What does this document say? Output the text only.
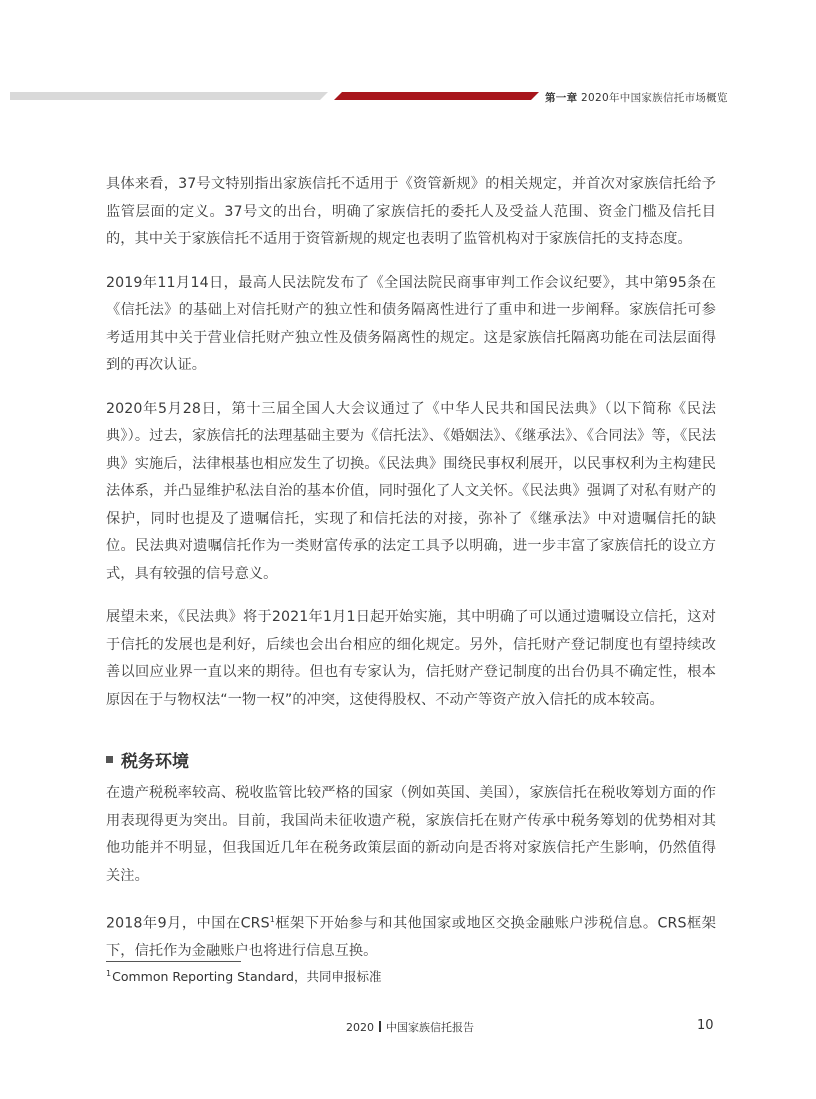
第一章 2020年中国家族信托市场概览

具体来看，37号文特别指出家族信托不适用于《资管新规》的相关规定，并首次对家族信托给予监管层面的定义。37号文的出台，明确了家族信托的委托人及受益人范围、资金门槛及信托目的，其中关于家族信托不适用于资管新规的规定也表明了监管机构对于家族信托的支持态度。

2019年11月14日，最高人民法院发布了《全国法院民商事审判工作会议纪要》，其中第95条在《信托法》的基础上对信托财产的独立性和债务隔离性进行了重申和进一步阐释。家族信托可参考适用其中关于营业信托财产独立性及债务隔离性的规定。这是家族信托隔离功能在司法层面得到的再次认证。

2020年5月28日，第十三届全国人大会议通过了《中华人民共和国民法典》（以下简称《民法典》）。过去，家族信托的法理基础主要为《信托法》、《婚姻法》、《继承法》、《合同法》等，《民法典》实施后，法律根基也相应发生了切换。《民法典》围绕民事权利展开，以民事权利为主构建民法体系，并凸显维护私法自治的基本价值，同时强化了人文关怀。《民法典》强调了对私有财产的保护，同时也提及了遗嘱信托，实现了和信托法的对接，弥补了《继承法》中对遗嘱信托的缺位。民法典对遗嘱信托作为一类财富传承的法定工具予以明确，进一步丰富了家族信托的设立方式，具有较强的信号意义。

展望未来，《民法典》将于2021年1月1日起开始实施，其中明确了可以通过遗嘱设立信托，这对于信托的发展也是利好，后续也会出台相应的细化规定。另外，信托财产登记制度也有望持续改善以回应业界一直以来的期待。但也有专家认为，信托财产登记制度的出台仍具不确定性，根本原因在于与物权法“一物一权”的冲突，这使得股权、不动产等资产放入信托的成本较高。

税务环境

在遗产税税率较高、税收监管比较严格的国家（例如英国、美国），家族信托在税收筹划方面的作用表现得更为突出。目前，我国尚未征收遗产税，家族信托在财产传承中税务筹划的优势相对其他功能并不明显，但我国近几年在税务政策层面的新动向是否将对家族信托产生影响，仍然值得关注。

2018年9月，中国在CRS$^1$框架下开始参与和其他国家或地区交换金融账户涉税信息。CRS框架下，信托作为金融账户也将进行信息互换。

$^1$Common Reporting Standard，共同申报标准
2020 中国家族信托报告	10
